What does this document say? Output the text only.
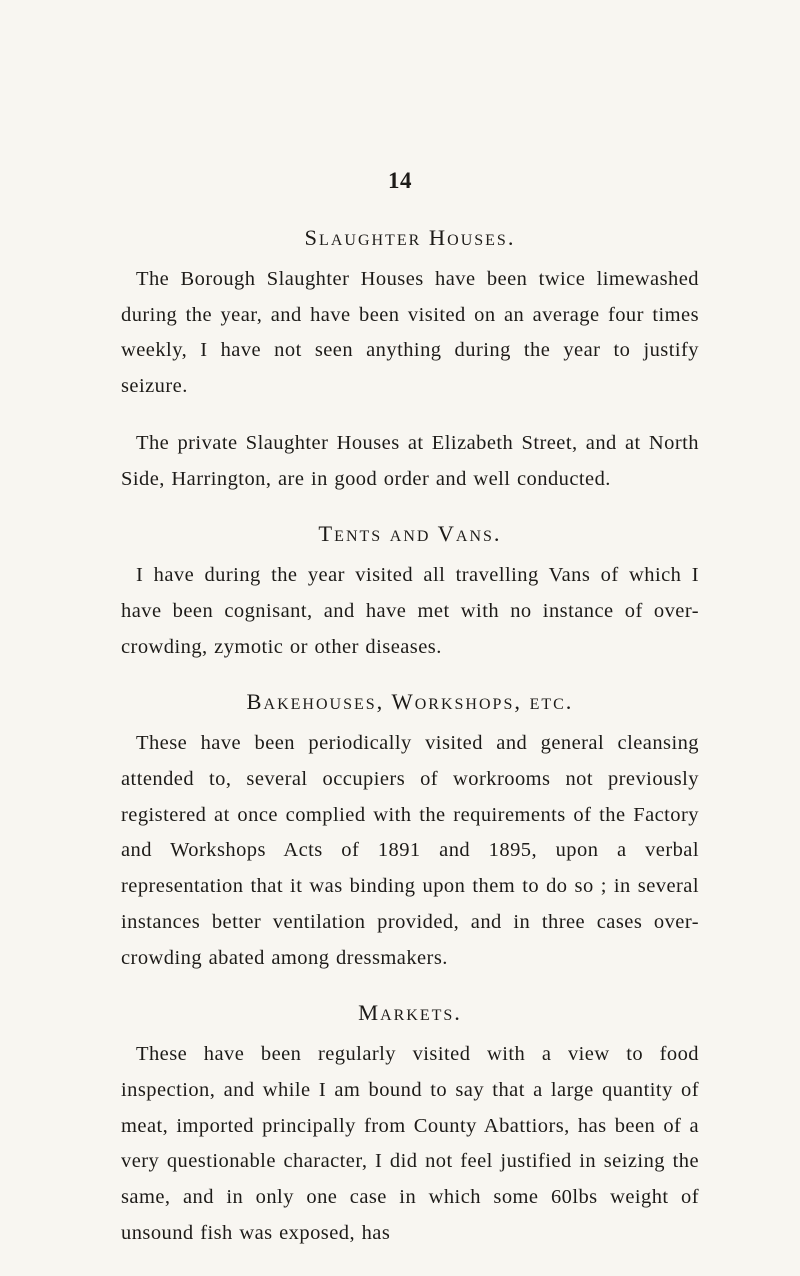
14
Slaughter Houses.

The Borough Slaughter Houses have been twice limewashed during the year, and have been visited on an average four times weekly, I have not seen anything during the year to justify seizure.

The private Slaughter Houses at Elizabeth Street, and at North Side, Harrington, are in good order and well conducted.

Tents and Vans.

I have during the year visited all travelling Vans of which I have been cognisant, and have met with no instance of over-crowding, zymotic or other diseases.

Bakehouses, Workshops, etc.

These have been periodically visited and general cleansing attended to, several occupiers of workrooms not previously registered at once complied with the requirements of the Factory and Workshops Acts of 1891 and 1895, upon a verbal representation that it was binding upon them to do so ; in several instances better ventilation provided, and in three cases over-crowding abated among dressmakers.

Markets.

These have been regularly visited with a view to food inspection, and while I am bound to say that a large quantity of meat, imported principally from County Abattiors, has been of a very questionable character, I did not feel justified in seizing the same, and in only one case in which some 60lbs weight of unsound fish was exposed, has
